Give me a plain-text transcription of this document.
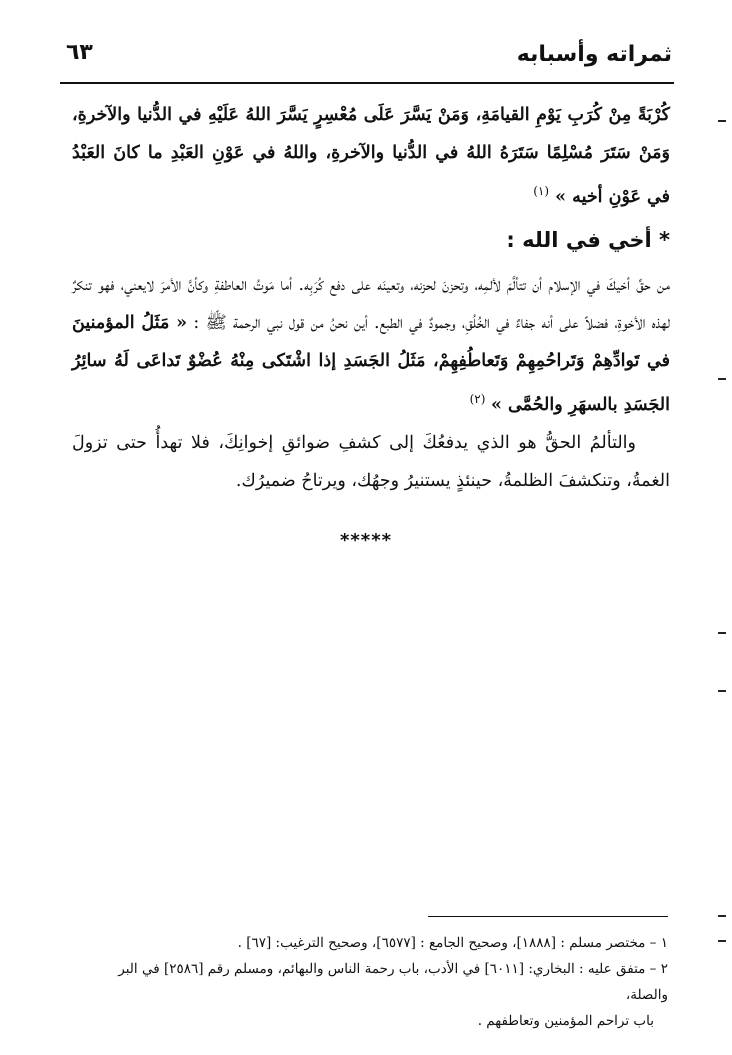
ثمراته وأسبابه
٦٣

كُرْبَةً مِنْ كُرَبِ يَوْمِ القيامَةِ، وَمَنْ يَسَّرَ عَلَى مُعْسِرٍ يَسَّرَ اللهُ عَلَيْهِ في الدُّنيا والآخرةِ، وَمَنْ سَتَرَ مُسْلِمًا سَتَرَهُ اللهُ في الدُّنيا والآخرةِ، واللهُ في عَوْنِ العَبْدِ ما كانَ العَبْدُ في عَوْنِ أخيه » $^{(١)}$

* أخي في الله :

من حقِّ أخيكَ في الإسلام أن تتألَّمَ لألمِه، وتحزنَ لحزنه، وتعينَه على دفع كُرَبِه. أما مَوتُ العاطفةِ وكأنَّ الأمرَ لايعني، فهو تنكرٌ لهذه الأخوةِ، فضلاً على أنه جفاءٌ في الخُلُقِ، وجمودٌ في الطبع. أين نحنُ من قول نبي الرحمة ﷺ : « مَثَلُ المؤمنينَ في تَوادِّهِمْ وَتَراحُمِهِمْ وَتَعاطُفِهِمْ، مَثَلُ الجَسَدِ إذا اشْتَكى مِنْهُ عُضْوٌ تَداعَى لَهُ سائِرُ الجَسَدِ بالسهَرِ والحُمَّى » $^{(٢)}$

والتألمُ الحقُّ هو الذي يدفعُكَ إلى كشفِ ضوائقِ إخوانِكَ، فلا تهدأُ حتى تزولَ الغمةُ، وتنكشفَ الظلمةُ، حينئذٍ يستنيرُ وجهُك، ويرتاحُ ضميرُك.

*****

١ – مختصر مسلم : [١٨٨٨]، وصحيح الجامع : [٦٥٧٧]، وصحيح الترغيب: [٦٧] .

٢ – متفق عليه : البخاري: [٦٠١١] في الأدب، باب رحمة الناس والبهائم، ومسلم رقم [٢٥٨٦] في البر والصلة،

باب تراحم المؤمنين وتعاطفهم .
